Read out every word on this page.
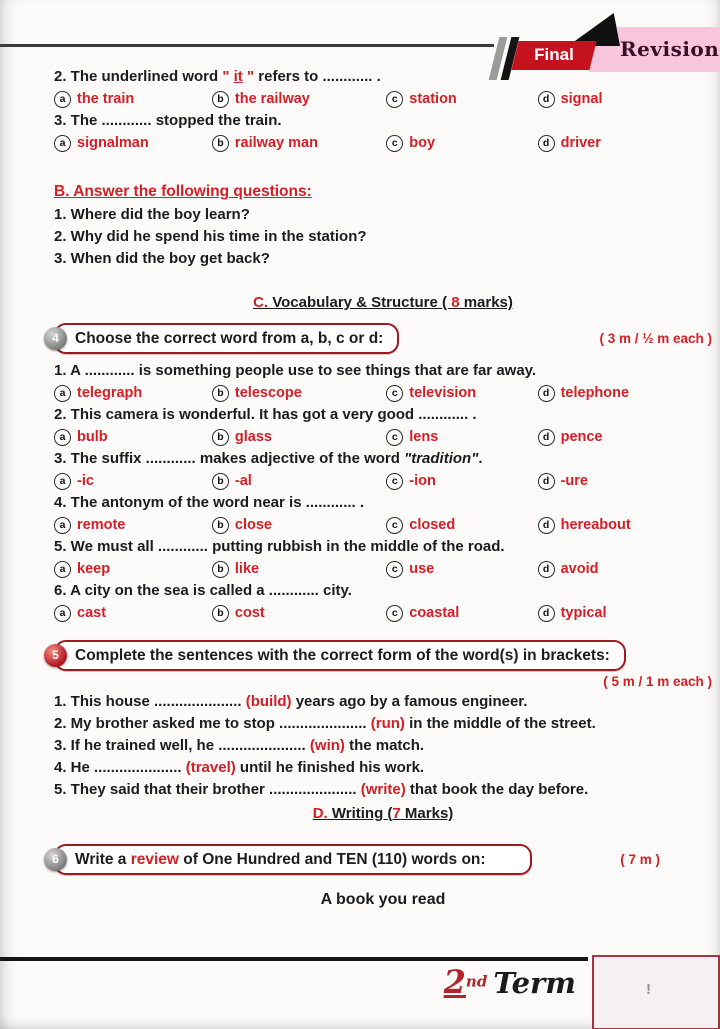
Revision
Final
2. The underlined word " it " refers to ............ .
a the train	b the railway	c station	d signal
3. The ............ stopped the train.
a signalman	b railway man	c boy	d driver
B. Answer the following questions:
1. Where did the boy learn?
2. Why did he spend his time in the station?
3. When did the boy get back?
C. Vocabulary & Structure ( 8 marks)
4	Choose the correct word from a, b, c or d:	( 3 m / ½ m each )
1. A ............ is something people use to see things that are far away.
a telegraph	b telescope	c television	d telephone
2. This camera is wonderful. It has got a very good ............ .
a bulb	b glass	c lens	d pence
3. The suffix ............ makes adjective of the word "tradition".
a -ic	b -al	c -ion	d -ure
4. The antonym of the word near is ............ .
a remote	b close	c closed	d hereabout
5. We must all ............ putting rubbish in the middle of the road.
a keep	b like	c use	d avoid
6. A city on the sea is called a ............ city.
a cast	b cost	c coastal	d typical
5	Complete the sentences with the correct form of the word(s) in brackets:
( 5 m / 1 m each )
1. This house ..................... (build) years ago by a famous engineer.
2. My brother asked me to stop ..................... (run) in the middle of the street.
3. If he trained well, he ..................... (win) the match.
4. He ..................... (travel) until he finished his work.
5. They said that their brother ..................... (write) that book the day before.
D. Writing (7 Marks)
6	Write a review of One Hundred and TEN (110) words on:	( 7 m )
A book you read
2nd Term	!
